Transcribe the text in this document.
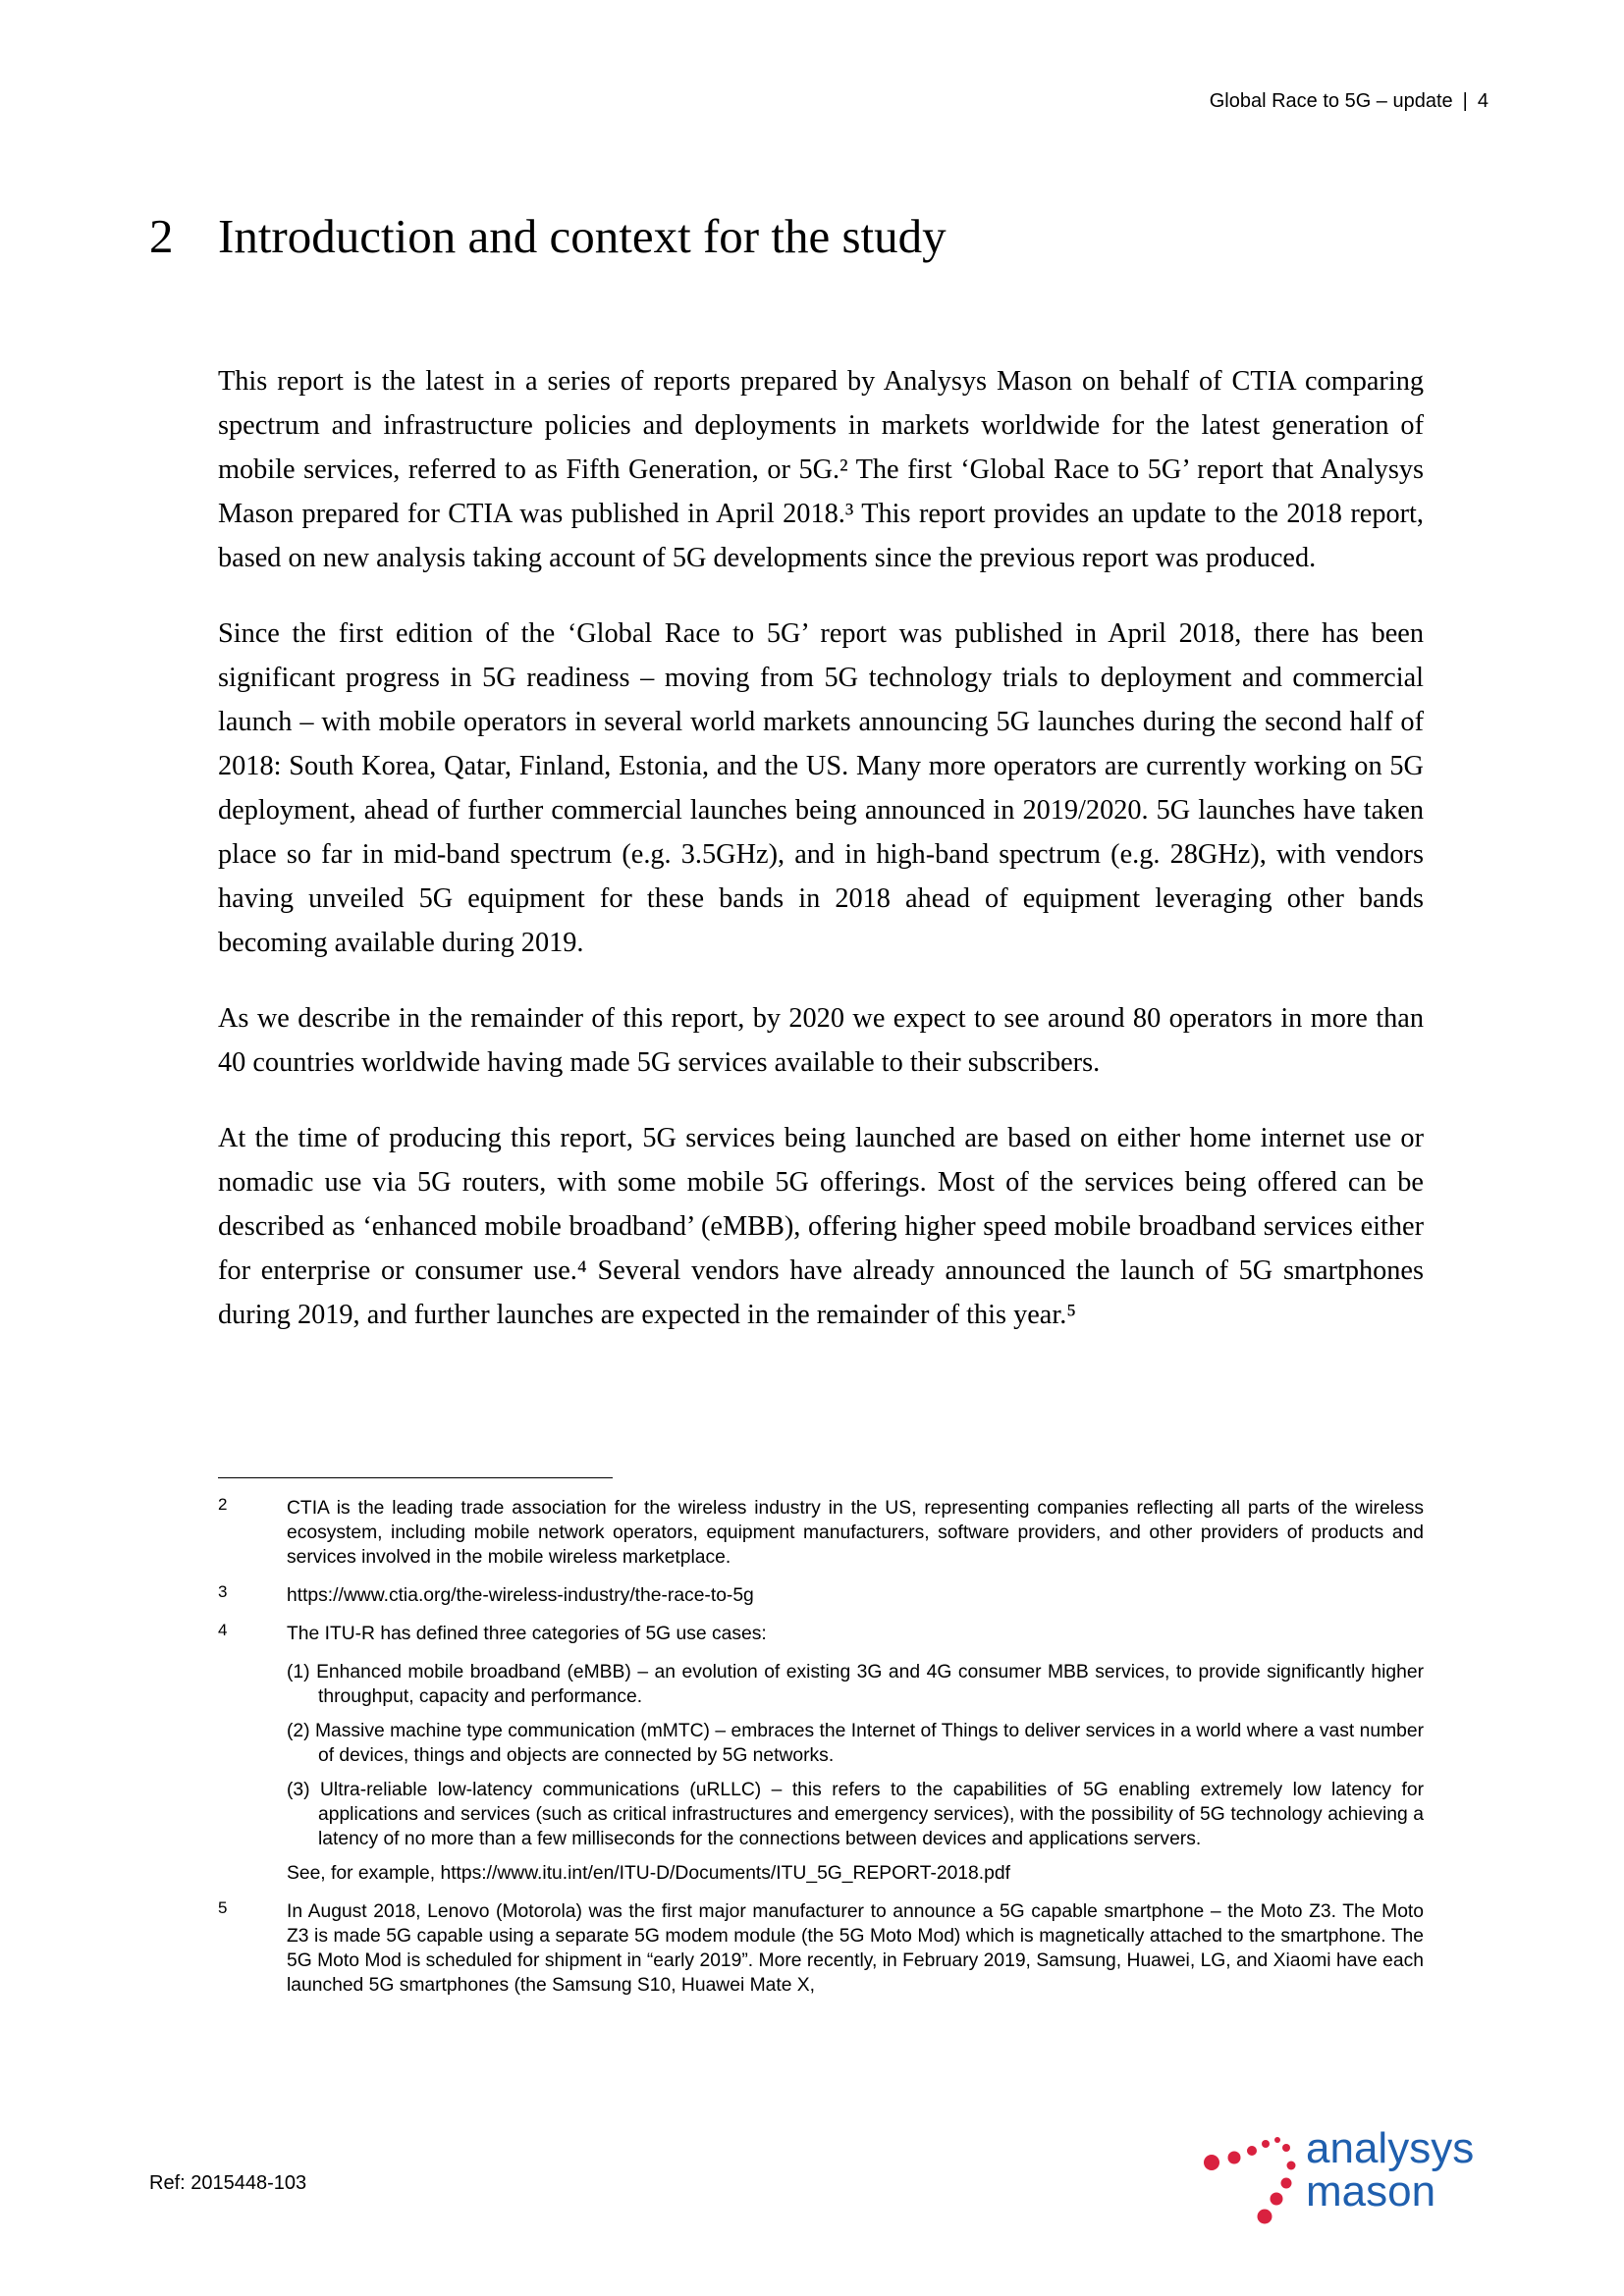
Global Race to 5G – update | 4
2 Introduction and context for the study

This report is the latest in a series of reports prepared by Analysys Mason on behalf of CTIA comparing spectrum and infrastructure policies and deployments in markets worldwide for the latest generation of mobile services, referred to as Fifth Generation, or 5G.² The first ‘Global Race to 5G’ report that Analysys Mason prepared for CTIA was published in April 2018.³ This report provides an update to the 2018 report, based on new analysis taking account of 5G developments since the previous report was produced.

Since the first edition of the ‘Global Race to 5G’ report was published in April 2018, there has been significant progress in 5G readiness – moving from 5G technology trials to deployment and commercial launch – with mobile operators in several world markets announcing 5G launches during the second half of 2018: South Korea, Qatar, Finland, Estonia, and the US. Many more operators are currently working on 5G deployment, ahead of further commercial launches being announced in 2019/2020. 5G launches have taken place so far in mid-band spectrum (e.g. 3.5GHz), and in high-band spectrum (e.g. 28GHz), with vendors having unveiled 5G equipment for these bands in 2018 ahead of equipment leveraging other bands becoming available during 2019.

As we describe in the remainder of this report, by 2020 we expect to see around 80 operators in more than 40 countries worldwide having made 5G services available to their subscribers.

At the time of producing this report, 5G services being launched are based on either home internet use or nomadic use via 5G routers, with some mobile 5G offerings. Most of the services being offered can be described as ‘enhanced mobile broadband’ (eMBB), offering higher speed mobile broadband services either for enterprise or consumer use.⁴ Several vendors have already announced the launch of 5G smartphones during 2019, and further launches are expected in the remainder of this year.⁵

2	CTIA is the leading trade association for the wireless industry in the US, representing companies reflecting all parts of the wireless ecosystem, including mobile network operators, equipment manufacturers, software providers, and other providers of products and services involved in the mobile wireless marketplace.

3	https://www.ctia.org/the-wireless-industry/the-race-to-5g

4	The ITU-R has defined three categories of 5G use cases:

(1) Enhanced mobile broadband (eMBB) – an evolution of existing 3G and 4G consumer MBB services, to provide significantly higher throughput, capacity and performance.

(2) Massive machine type communication (mMTC) – embraces the Internet of Things to deliver services in a world where a vast number of devices, things and objects are connected by 5G networks.

(3) Ultra-reliable low-latency communications (uRLLC) – this refers to the capabilities of 5G enabling extremely low latency for applications and services (such as critical infrastructures and emergency services), with the possibility of 5G technology achieving a latency of no more than a few milliseconds for the connections between devices and applications servers.

See, for example, https://www.itu.int/en/ITU-D/Documents/ITU_5G_REPORT-2018.pdf

5	In August 2018, Lenovo (Motorola) was the first major manufacturer to announce a 5G capable smartphone – the Moto Z3. The Moto Z3 is made 5G capable using a separate 5G modem module (the 5G Moto Mod) which is magnetically attached to the smartphone. The 5G Moto Mod is scheduled for shipment in “early 2019”. More recently, in February 2019, Samsung, Huawei, LG, and Xiaomi have each launched 5G smartphones (the Samsung S10, Huawei Mate X,

Ref: 2015448-103
analysys
mason
